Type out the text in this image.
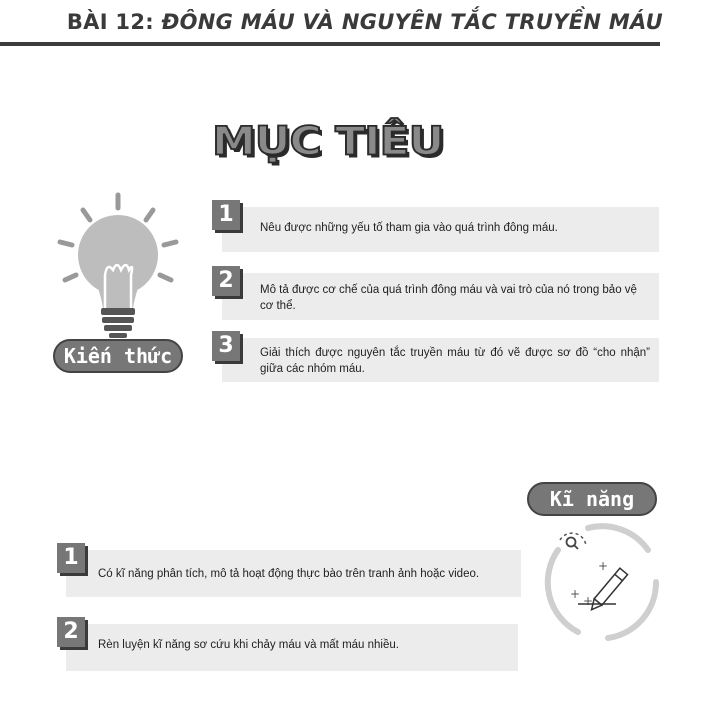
BÀI 12: ĐÔNG MÁU VÀ NGUYÊN TẮC TRUYỀN MÁU
MỤC TIÊU
Kiến thức
1
Nêu được những yếu tố tham gia vào quá trình đông máu.
2	Mô tả được cơ chế của quá trình đông máu và vai trò của nó trong bảo vệ cơ thể.
3	Giải thích được nguyên tắc truyền máu từ đó vẽ được sơ đồ “cho nhận” giữa các nhóm máu.
Kĩ năng
+
+ +
1
Có kĩ năng phân tích, mô tả hoạt động thực bào trên tranh ảnh hoặc video.
2
Rèn luyện kĩ năng sơ cứu khi chảy máu và mất máu nhiều.
